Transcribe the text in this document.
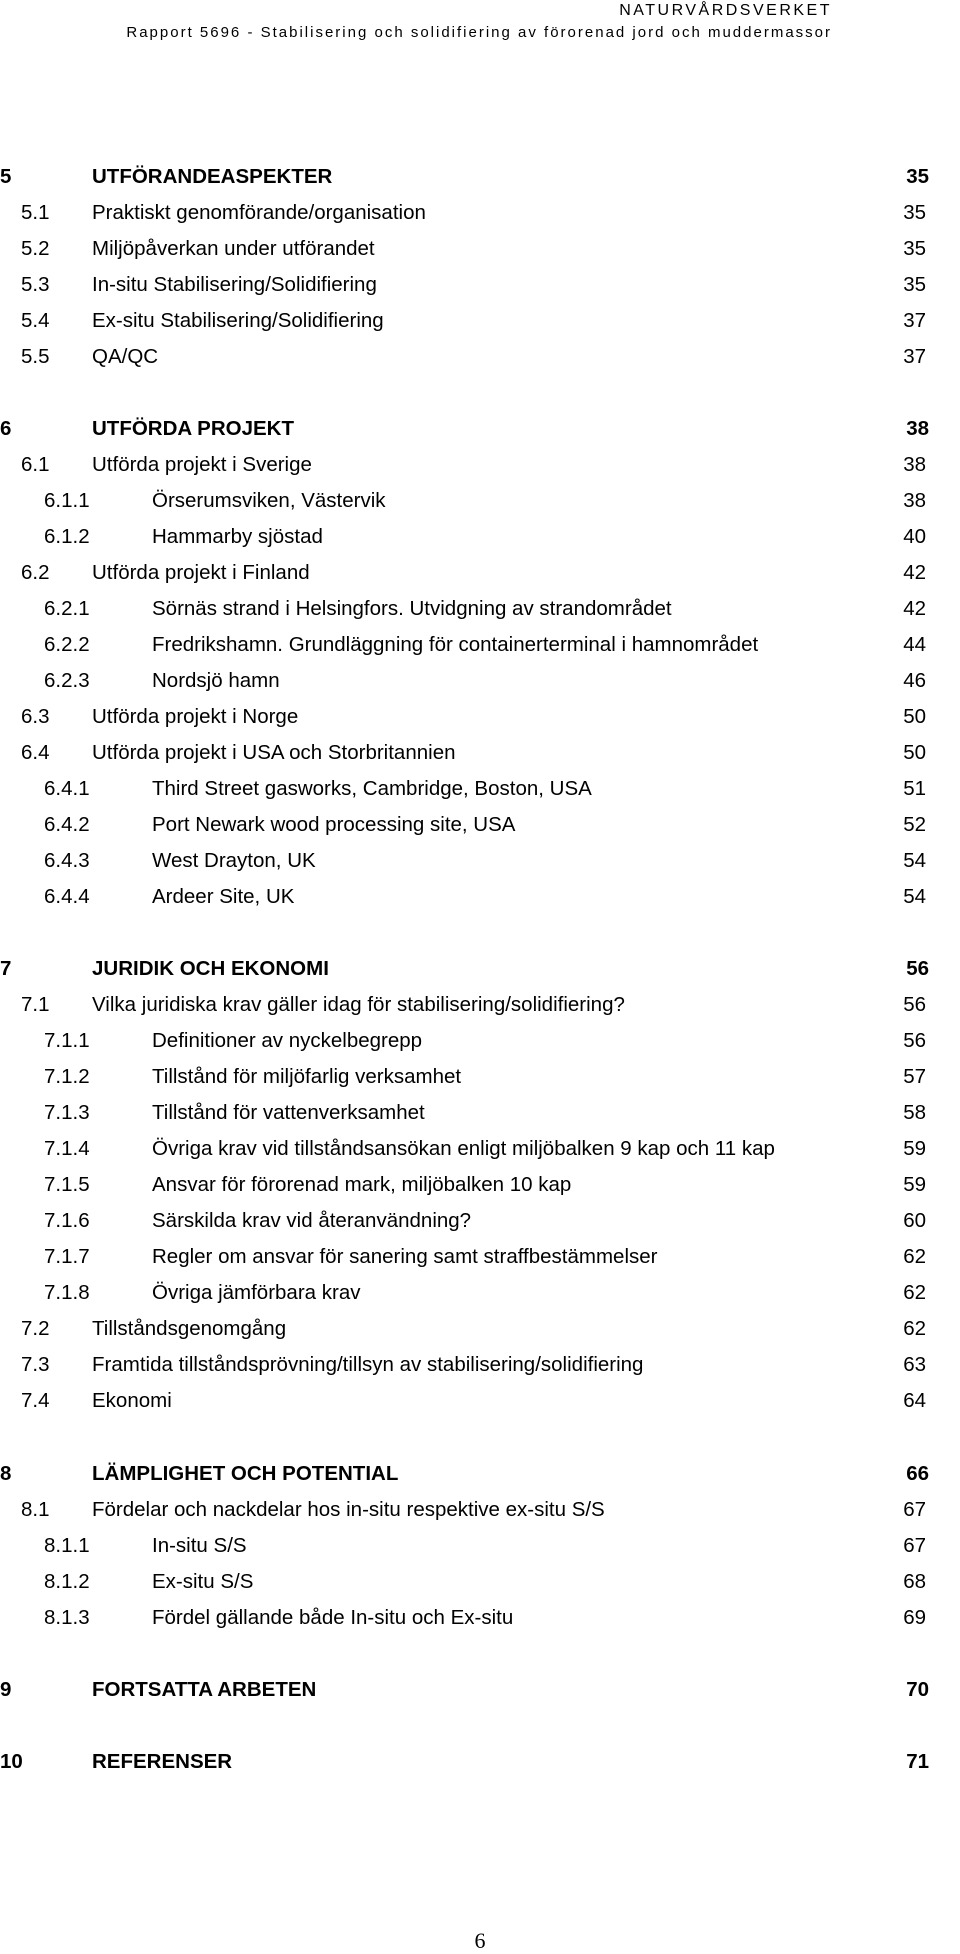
NATURVÅRDSVERKET
Rapport 5696 - Stabilisering och solidifiering av förorenad jord och muddermassor
5	UTFÖRANDEASPEKTER	35
5.1 Praktiskt genomförande/organisation	35
5.2 Miljöpåverkan under utförandet	35
5.3 In-situ Stabilisering/Solidifiering	35
5.4 Ex-situ Stabilisering/Solidifiering	37
5.5 QA/QC	37
6	UTFÖRDA PROJEKT	38
6.1 Utförda projekt i Sverige	38
6.1.1	Örserumsviken, Västervik	38
6.1.2	Hammarby sjöstad	40
6.2 Utförda projekt i Finland	42
6.2.1	Sörnäs strand i Helsingfors. Utvidgning av strandområdet	42
6.2.2	Fredrikshamn. Grundläggning för containerterminal i hamnområdet	44
6.2.3	Nordsjö hamn	46
6.3 Utförda projekt i Norge	50
6.4 Utförda projekt i USA och Storbritannien	50
6.4.1	Third Street gasworks, Cambridge, Boston, USA	51
6.4.2	Port Newark wood processing site, USA	52
6.4.3	West Drayton, UK	54
6.4.4	Ardeer Site, UK	54
7	JURIDIK OCH EKONOMI	56
7.1 Vilka juridiska krav gäller idag för stabilisering/solidifiering?	56
7.1.1	Definitioner av nyckelbegrepp	56
7.1.2	Tillstånd för miljöfarlig verksamhet	57
7.1.3	Tillstånd för vattenverksamhet	58
7.1.4	Övriga krav vid tillståndsansökan enligt miljöbalken 9 kap och 11 kap	59
7.1.5	Ansvar för förorenad mark, miljöbalken 10 kap	59
7.1.6	Särskilda krav vid återanvändning?	60
7.1.7	Regler om ansvar för sanering samt straffbestämmelser	62
7.1.8	Övriga jämförbara krav	62
7.2 Tillståndsgenomgång	62
7.3 Framtida tillståndsprövning/tillsyn av stabilisering/solidifiering	63
7.4 Ekonomi	64
8	LÄMPLIGHET OCH POTENTIAL	66
8.1 Fördelar och nackdelar hos in-situ respektive ex-situ S/S	67
8.1.1	In-situ S/S	67
8.1.2	Ex-situ S/S	68
8.1.3	Fördel gällande både In-situ och Ex-situ	69
9	FORTSATTA ARBETEN	70
10	REFERENSER	71
6
